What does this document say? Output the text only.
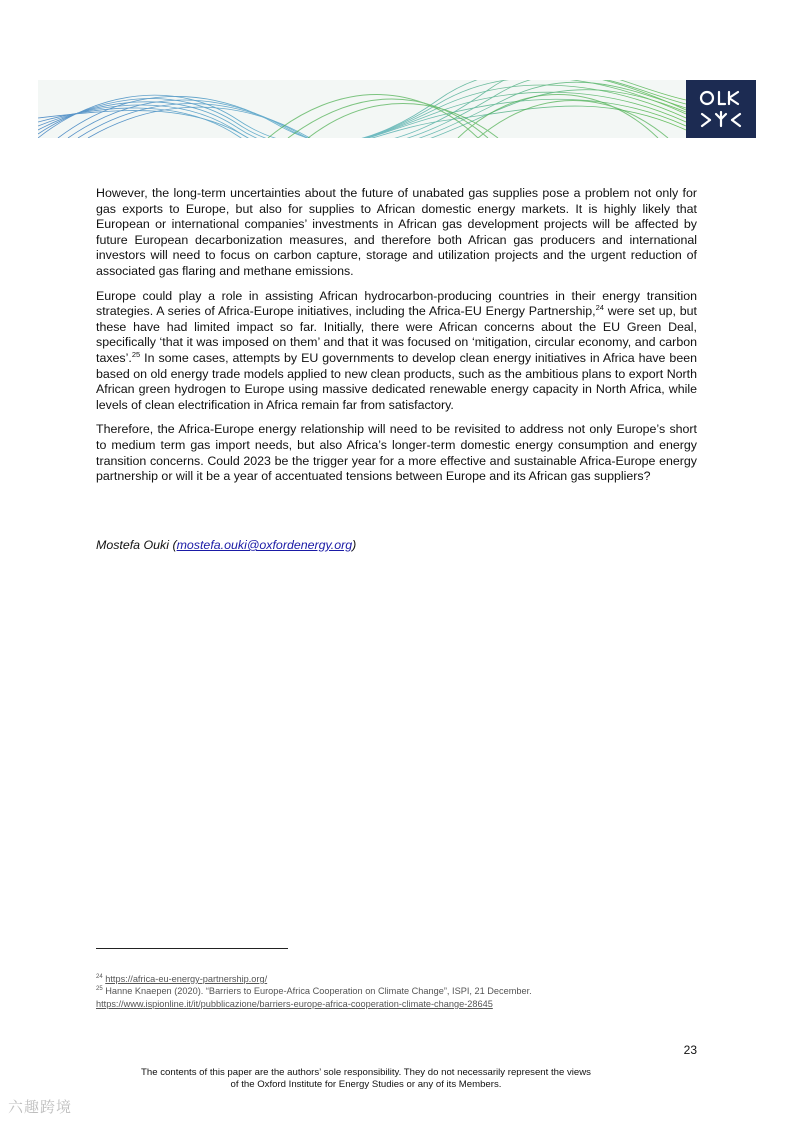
However, the long-term uncertainties about the future of unabated gas supplies pose a problem not only for gas exports to Europe, but also for supplies to African domestic energy markets. It is highly likely that European or international companies’ investments in African gas development projects will be affected by future European decarbonization measures, and therefore both African gas producers and international investors will need to focus on carbon capture, storage and utilization projects and the urgent reduction of associated gas flaring and methane emissions.

Europe could play a role in assisting African hydrocarbon-producing countries in their energy transition strategies. A series of Africa-Europe initiatives, including the Africa-EU Energy Partnership,$^{24}$ were set up, but these have had limited impact so far. Initially, there were African concerns about the EU Green Deal, specifically ‘that it was imposed on them’ and that it was focused on ‘mitigation, circular economy, and carbon taxes’.$^{25}$ In some cases, attempts by EU governments to develop clean energy initiatives in Africa have been based on old energy trade models applied to new clean products, such as the ambitious plans to export North African green hydrogen to Europe using massive dedicated renewable energy capacity in North Africa, while levels of clean electrification in Africa remain far from satisfactory.

Therefore, the Africa-Europe energy relationship will need to be revisited to address not only Europe’s short to medium term gas import needs, but also Africa’s longer-term domestic energy consumption and energy transition concerns. Could 2023 be the trigger year for a more effective and sustainable Africa-Europe energy partnership or will it be a year of accentuated tensions between Europe and its African gas suppliers?

Mostefa Ouki (mostefa.ouki@oxfordenergy.org)
$^{24}$ https://africa-eu-energy-partnership.org/
$^{25}$ Hanne Knaepen (2020). “Barriers to Europe-Africa Cooperation on Climate Change”, ISPI, 21 December.
https://www.ispionline.it/it/pubblicazione/barriers-europe-africa-cooperation-climate-change-28645
23
The contents of this paper are the authors’ sole responsibility. They do not necessarily represent the views
of the Oxford Institute for Energy Studies or any of its Members.
六趣跨境
